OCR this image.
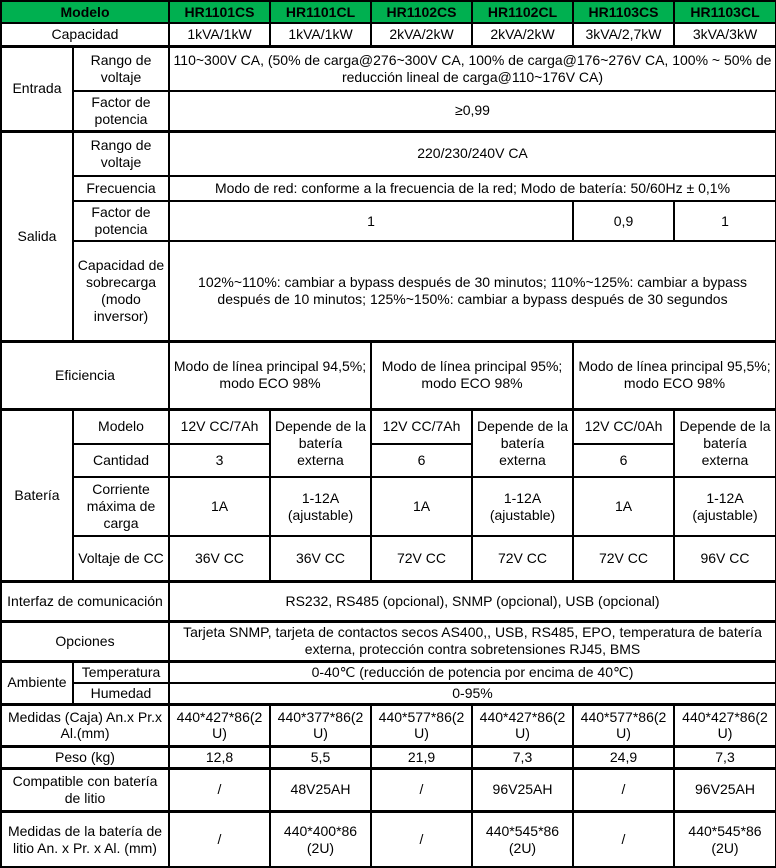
Modelo		HR1101CS	HR1101CL	HR1102CS	HR1102CL	HR1103CS	HR1103CL
Capacidad		1kVA/1kW	1kVA/1kW	2kVA/2kW	2kVA/2kW	3kVA/2,7kW	3kVA/3kW
Entrada	Rango de voltaje	110~300V CA, (50% de carga@276~300V CA, 100% de carga@176~276V CA, 100% ~ 50% de reducción lineal de carga@110~176V CA)					
	Factor de potencia	≥0,99					
Salida	Rango de voltaje	220/230/240V CA					
	Frecuencia	Modo de red: conforme a la frecuencia de la red; Modo de batería: 50/60Hz ± 0,1%					
	Factor de potencia	1				0,9	1
	Capacidad de sobrecarga (modo inversor)	102%~110%: cambiar a bypass después de 30 minutos; 110%~125%: cambiar a bypass después de 10 minutos; 125%~150%: cambiar a bypass después de 30 segundos					
Eficiencia		Modo de línea principal 94,5%; modo ECO 98%		Modo de línea principal 95%; modo ECO 98%		Modo de línea principal 95,5%; modo ECO 98%	
Batería	Modelo	12V CC/7Ah	Depende de la batería externa	12V CC/7Ah	Depende de la batería externa	12V CC/0Ah	Depende de la batería externa
	Cantidad	3		6		6	
	Corriente máxima de carga	1A	1-12A (ajustable)	1A	1-12A (ajustable)	1A	1-12A (ajustable)
	Voltaje de CC	36V CC	36V CC	72V CC	72V CC	72V CC	96V CC
Interfaz de comunicación		RS232, RS485 (opcional), SNMP (opcional), USB (opcional)					
Opciones		Tarjeta SNMP, tarjeta de contactos secos AS400,, USB, RS485, EPO, temperatura de batería externa, protección contra sobretensiones RJ45, BMS					
Ambiente	Temperatura	0-40℃ (reducción de potencia por encima de 40℃)					
	Humedad	0-95%					
Medidas (Caja) An.x Pr.x Al.(mm)		440*427*86(2U)	440*377*86(2U)	440*577*86(2U)	440*427*86(2U)	440*577*86(2U)	440*427*86(2U)
Peso (kg)		12,8	5,5	21,9	7,3	24,9	7,3
Compatible con batería de litio		/	48V25AH	/	96V25AH	/	96V25AH
Medidas de la batería de litio An. x Pr. x Al. (mm)		/	440*400*86 (2U)	/	440*545*86 (2U)	/	440*545*86 (2U)
